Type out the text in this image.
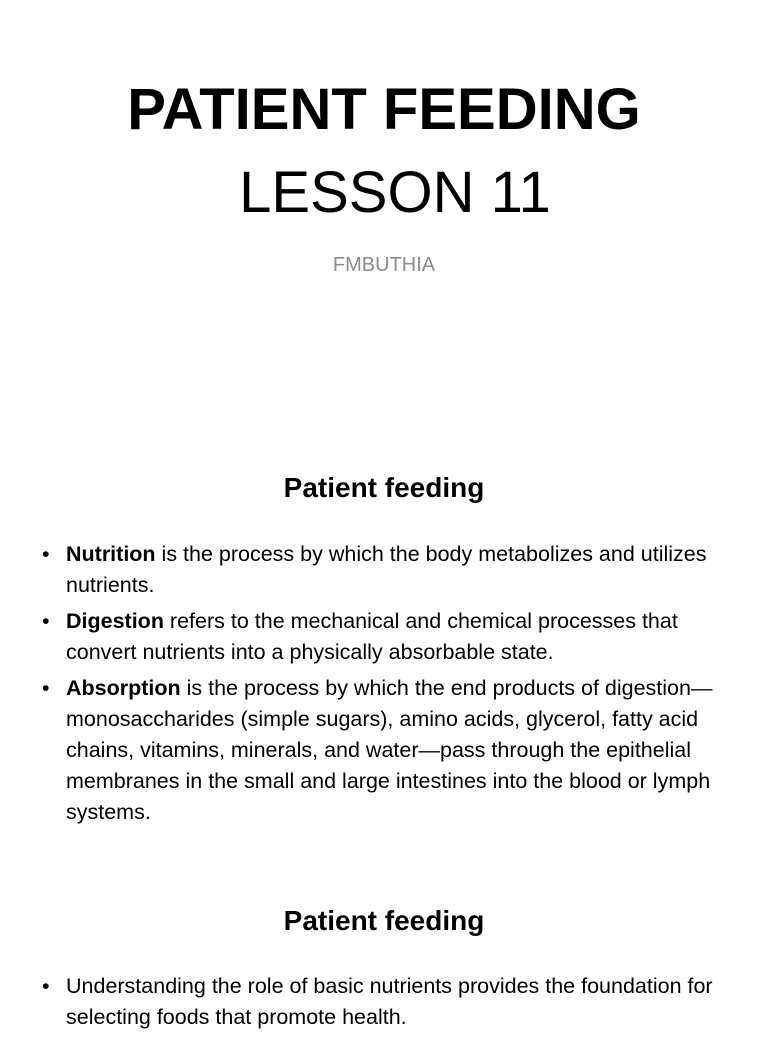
PATIENT FEEDING
LESSON 11
FMBUTHIA
Patient feeding
• Nutrition is the process by which the body metabolizes and utilizes nutrients.
• Digestion refers to the mechanical and chemical processes that convert nutrients into a physically absorbable state.
• Absorption is the process by which the end products of digestion—monosaccharides (simple sugars), amino acids, glycerol, fatty acid chains, vitamins, minerals, and water—pass through the epithelial membranes in the small and large intestines into the blood or lymph systems.
Patient feeding
• Understanding the role of basic nutrients provides the foundation for selecting foods that promote health.
